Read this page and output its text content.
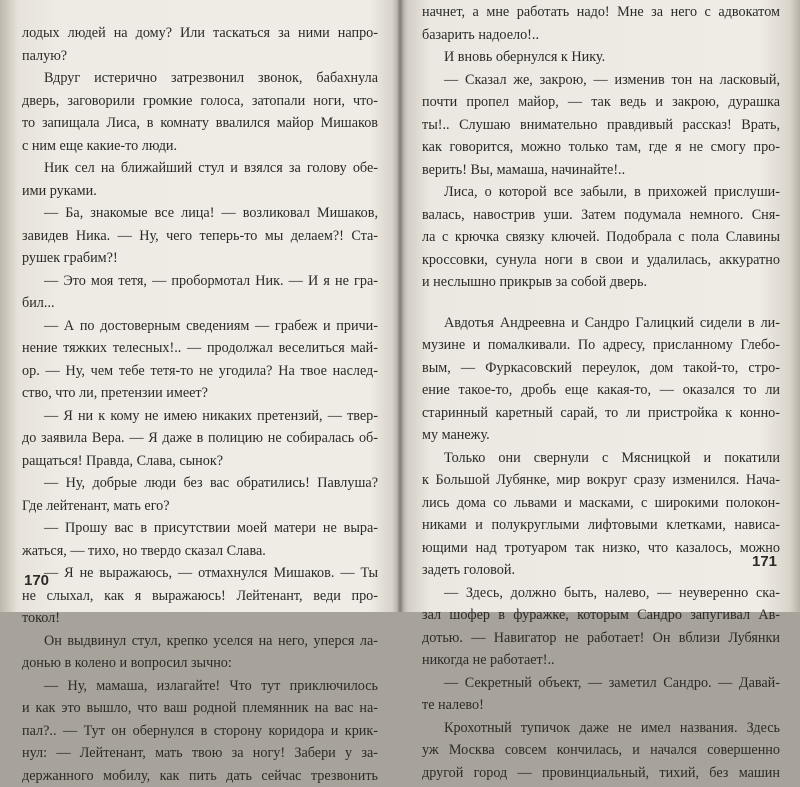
лодых людей на дому? Или таскаться за ними напро-
палую?
Вдруг истерично затрезвонил звонок, бабахнула
дверь, заговорили громкие голоса, затопали ноги, что-
то запищала Лиса, в комнату ввалился майор Мишаков
с ним еще какие-то люди.
Ник сел на ближайший стул и взялся за голову обе-
ими руками.
— Ба, знакомые все лица! — возликовал Мишаков,
завидев Ника. — Ну, чего теперь-то мы делаем?! Ста-
рушек грабим?!
— Это моя тетя, — пробормотал Ник. — И я не гра-
бил...
— А по достоверным сведениям — грабеж и причи-
нение тяжких телесных!.. — продолжал веселиться май-
ор. — Ну, чем тебе тетя-то не угодила? На твое наслед-
ство, что ли, претензии имеет?
— Я ни к кому не имею никаких претензий, — твер-
до заявила Вера. — Я даже в полицию не собиралась об-
ращаться! Правда, Слава, сынок?
— Ну, добрые люди без вас обратились! Павлуша?
Где лейтенант, мать его?
— Прошу вас в присутствии моей матери не выра-
жаться, — тихо, но твердо сказал Слава.
— Я не выражаюсь, — отмахнулся Мишаков. — Ты
не слыхал, как я выражаюсь! Лейтенант, веди про-
токол!
Он выдвинул стул, крепко уселся на него, уперся ла-
донью в колено и вопросил зычно:
— Ну, мамаша, излагайте! Что тут приключилось
и как это вышло, что ваш родной племянник на вас на-
пал?.. — Тут он обернулся в сторону коридора и крик-
нул: — Лейтенант, мать твою за ногу! Забери у за-
держанного мобилу, как пить дать сейчас трезвонить
начнет, а мне работать надо! Мне за него с адвокатом
базарить надоело!..
И вновь обернулся к Нику.
— Сказал же, закрою, — изменив тон на ласковый,
почти пропел майор, — так ведь и закрою, дурашка
ты!.. Слушаю внимательно правдивый рассказ! Врать,
как говорится, можно только там, где я не смогу про-
верить! Вы, мамаша, начинайте!..
Лиса, о которой все забыли, в прихожей прислуши-
валась, навострив уши. Затем подумала немного. Сня-
ла с крючка связку ключей. Подобрала с пола Славины
кроссовки, сунула ноги в свои и удалилась, аккуратно
и неслышно прикрыв за собой дверь.
Авдотья Андреевна и Сандро Галицкий сидели в ли-
музине и помалкивали. По адресу, присланному Глебо-
вым, — Фуркасовский переулок, дом такой-то, стро-
ение такое-то, дробь еще какая-то, — оказался то ли
старинный каретный сарай, то ли пристройка к конно-
му манежу.
Только они свернули с Мясницкой и покатили
к Большой Лубянке, мир вокруг сразу изменился. Нача-
лись дома со львами и масками, с широкими полокон-
никами и полукруглыми лифтовыми клетками, нависа-
ющими над тротуаром так низко, что казалось, можно
задеть головой.
— Здесь, должно быть, налево, — неуверенно ска-
зал шофер в фуражке, которым Сандро запугивал Ав-
дотью. — Навигатор не работает! Он вблизи Лубянки
никогда не работает!..
— Секретный объект, — заметил Сандро. — Давай-
те налево!
Крохотный тупичок даже не имел названия. Здесь
уж Москва совсем кончилась, и начался совершенно
другой город — провинциальный, тихий, без машин
170
171
